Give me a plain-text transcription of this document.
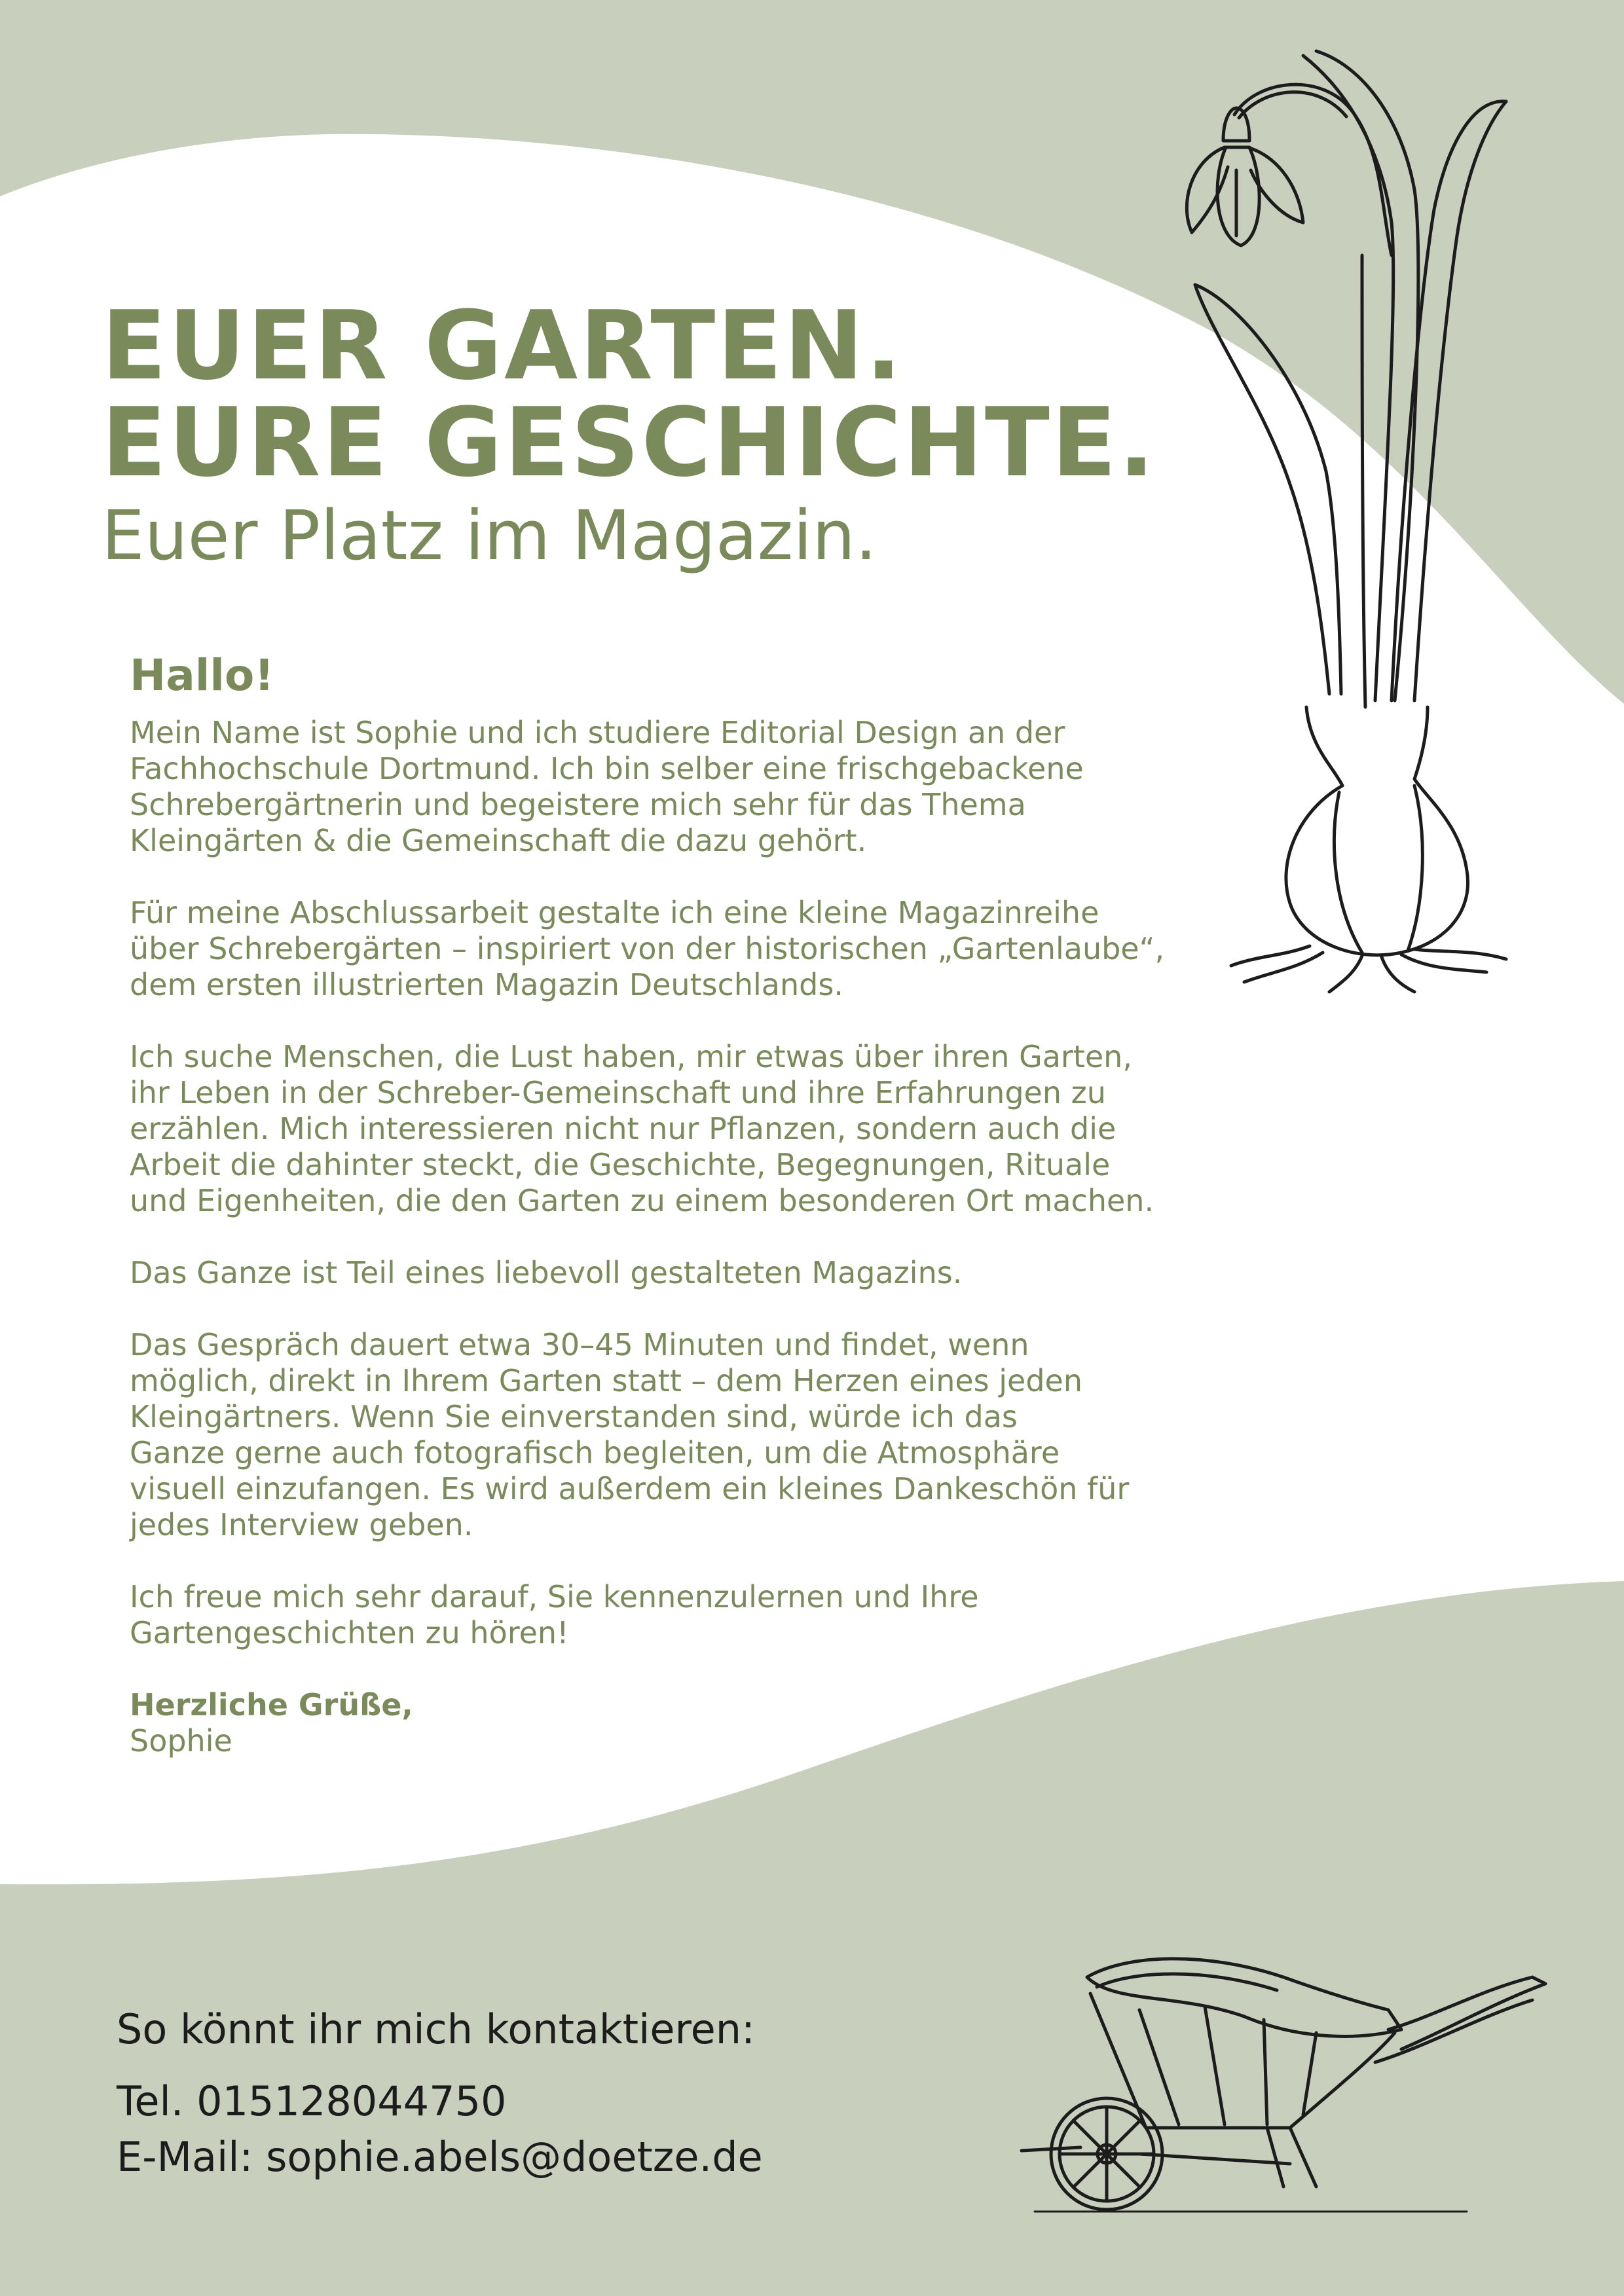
EUER GARTEN.
EURE GESCHICHTE.
Euer Platz im Magazin.
Hallo!

Mein Name ist Sophie und ich studiere Editorial Design an der
Fachhochschule Dortmund. Ich bin selber eine frischgebackene
Schrebergärtnerin und begeistere mich sehr für das Thema
Kleingärten & die Gemeinschaft die dazu gehört.

Für meine Abschlussarbeit gestalte ich eine kleine Magazinreihe
über Schrebergärten – inspiriert von der historischen „Gartenlaube“,
dem ersten illustrierten Magazin Deutschlands.

Ich suche Menschen, die Lust haben, mir etwas über ihren Garten,
ihr Leben in der Schreber-Gemeinschaft und ihre Erfahrungen zu
erzählen. Mich interessieren nicht nur Pflanzen, sondern auch die
Arbeit die dahinter steckt, die Geschichte, Begegnungen, Rituale
und Eigenheiten, die den Garten zu einem besonderen Ort machen.

Das Ganze ist Teil eines liebevoll gestalteten Magazins.

Das Gespräch dauert etwa 30–45 Minuten und findet, wenn
möglich, direkt in Ihrem Garten statt – dem Herzen eines jeden
Kleingärtners. Wenn Sie einverstanden sind, würde ich das
Ganze gerne auch fotografisch begleiten, um die Atmosphäre
visuell einzufangen. Es wird außerdem ein kleines Dankeschön für
jedes Interview geben.

Ich freue mich sehr darauf, Sie kennenzulernen und Ihre
Gartengeschichten zu hören!

Herzliche Grüße,
Sophie
So könnt ihr mich kontaktieren:
Tel. 015128044750
E-Mail: sophie.abels@doetze.de
